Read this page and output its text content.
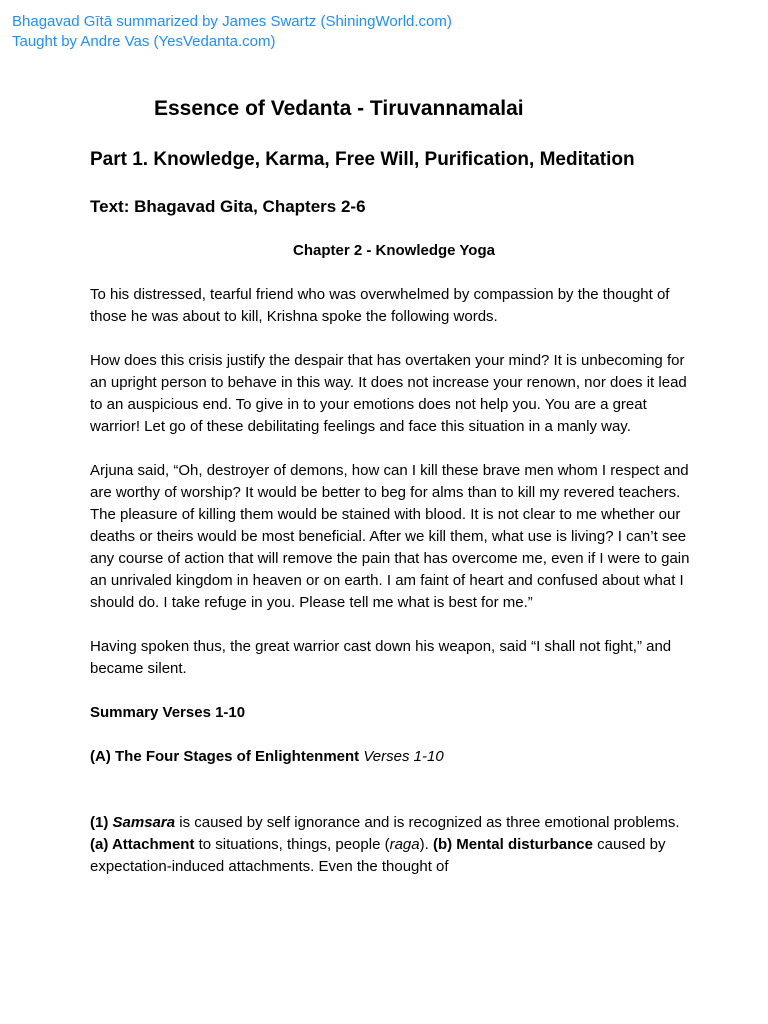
Bhagavad Gītā summarized by James Swartz (ShiningWorld.com)
Taught by Andre Vas (YesVedanta.com)
Essence of Vedanta - Tiruvannamalai
Part 1. Knowledge, Karma, Free Will, Purification, Meditation
Text: Bhagavad Gita, Chapters 2-6
Chapter 2 - Knowledge Yoga

To his distressed, tearful friend who was overwhelmed by compassion by the thought of those he was about to kill, Krishna spoke the following words.

How does this crisis justify the despair that has overtaken your mind? It is unbecoming for an upright person to behave in this way. It does not increase your renown, nor does it lead to an auspicious end. To give in to your emotions does not help you. You are a great warrior! Let go of these debilitating feelings and face this situation in a manly way.

Arjuna said, “Oh, destroyer of demons, how can I kill these brave men whom I respect and are worthy of worship? It would be better to beg for alms than to kill my revered teachers. The pleasure of killing them would be stained with blood. It is not clear to me whether our deaths or theirs would be most beneficial. After we kill them, what use is living? I can’t see any course of action that will remove the pain that has overcome me, even if I were to gain an unrivaled kingdom in heaven or on earth. I am faint of heart and confused about what I should do. I take refuge in you. Please tell me what is best for me.”

Having spoken thus, the great warrior cast down his weapon, said “I shall not fight,” and became silent.

Summary Verses 1-10

(A) The Four Stages of Enlightenment Verses 1-10

(1) Samsara is caused by self ignorance and is recognized as three emotional problems. (a) Attachment to situations, things, people (raga). (b) Mental disturbance caused by expectation-induced attachments. Even the thought of
